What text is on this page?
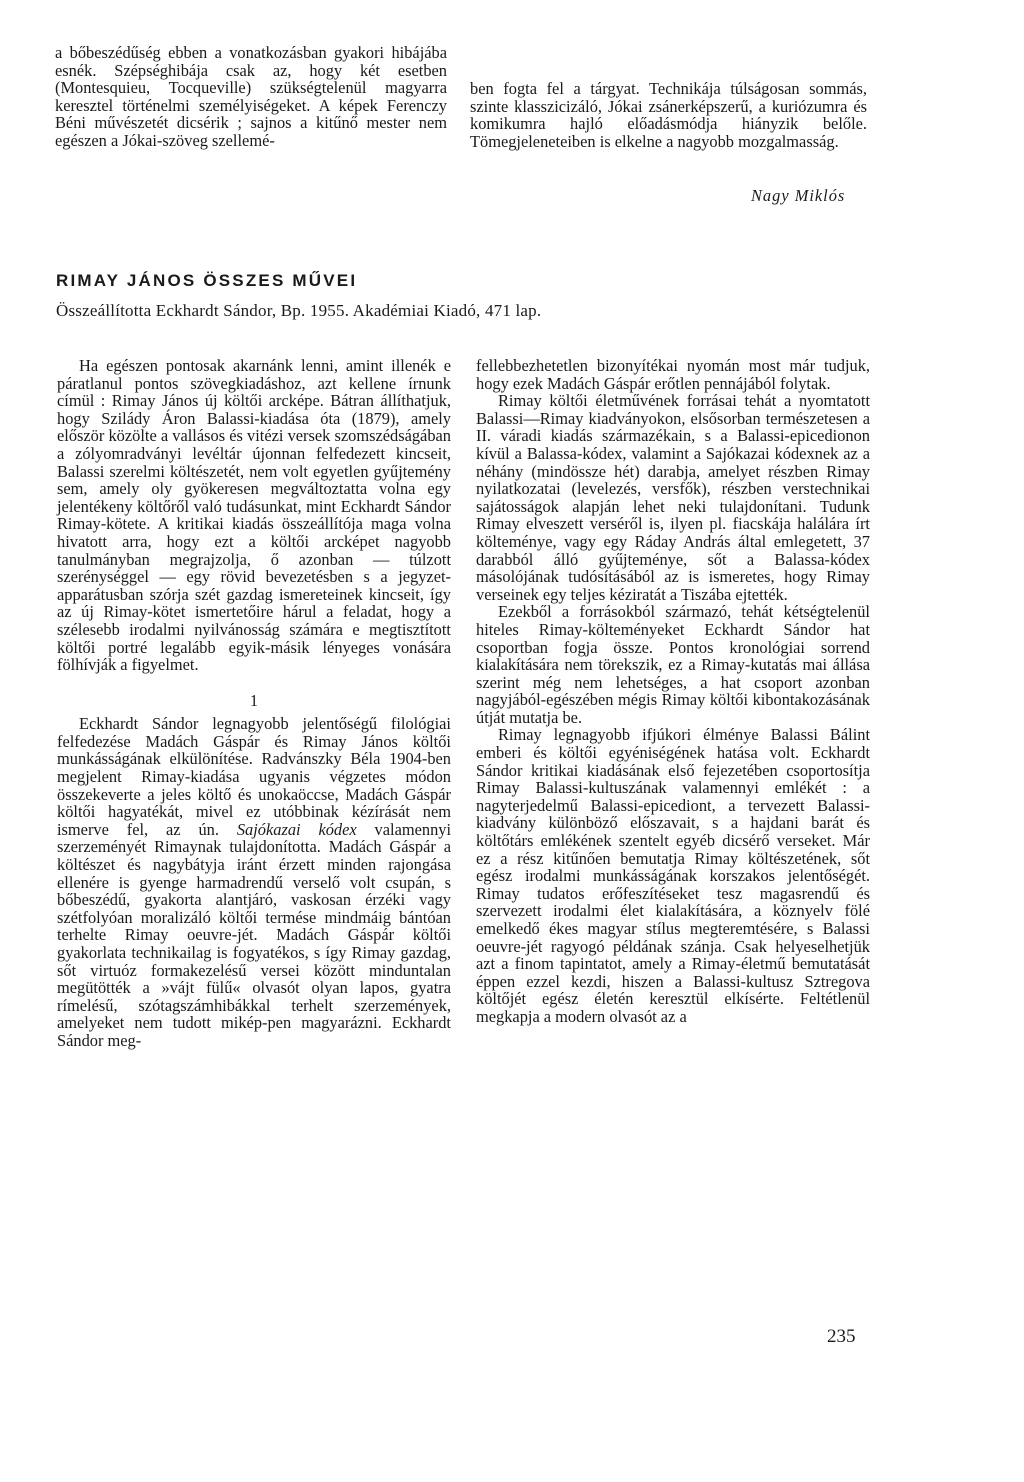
a bőbeszédűség ebben a vonatkozásban gyakori hibájába esnék. Szépséghibája csak az, hogy két esetben (Montesquieu, Tocqueville) szükségtelenül magyarra keresztel történelmi személyiségeket. A képek Ferenczy Béni művészetét dicsérik ; sajnos a kitűnő mester nem egészen a Jókai-szöveg szellemé-

ben fogta fel a tárgyat. Technikája túlságosan sommás, szinte klasszicizáló, Jókai zsánerképszerű, a kuriózumra és komikumra hajló előadásmódja hiányzik belőle. Tömegjeleneteiben is elkelne a nagyobb mozgalmasság.

Nagy Miklós
RIMAY JÁNOS ÖSSZES MŰVEI
Összeállította Eckhardt Sándor, Bp. 1955. Akadémiai Kiadó, 471 lap.

Ha egészen pontosak akarnánk lenni, amint illenék e páratlanul pontos szövegkiadáshoz, azt kellene írnunk címül : Rimay János új költői arcképe. Bátran állíthatjuk, hogy Szilády Áron Balassi-kiadása óta (1879), amely először közölte a vallásos és vitézi versek szomszédságában a zólyomradványi levéltár újonnan felfedezett kincseit, Balassi szerelmi költészetét, nem volt egyetlen gyűjtemény sem, amely oly gyökeresen megváltoztatta volna egy jelentékeny költőről való tudásunkat, mint Eckhardt Sándor Rimay-kötete. A kritikai kiadás összeállítója maga volna hivatott arra, hogy ezt a költői arcképet nagyobb tanulmányban megrajzolja, ő azonban — túlzott szerénységgel — egy rövid bevezetésben s a jegyzet-apparátusban szórja szét gazdag ismereteinek kincseit, így az új Rimay-kötet ismertetőire hárul a feladat, hogy a szélesebb irodalmi nyilvánosság számára e megtisztított költői portré legalább egyik-másik lényeges vonására fölhívják a figyelmet.

1

Eckhardt Sándor legnagyobb jelentőségű filológiai felfedezése Madách Gáspár és Rimay János költői munkásságának elkülönítése. Radvánszky Béla 1904-ben megjelent Rimay-kiadása ugyanis végzetes módon összekeverte a jeles költő és unokaöccse, Madách Gáspár költői hagyatékát, mivel ez utóbbinak kézírását nem ismerve fel, az ún. Sajókazai kódex valamennyi szerzeményét Rimaynak tulajdonította. Madách Gáspár a költészet és nagybátyja iránt érzett minden rajongása ellenére is gyenge harmadrendű verselő volt csupán, s bőbeszédű, gyakorta alantjáró, vaskosan érzéki vagy szétfolyóan moralizáló költői termése mindmáig bántóan terhelte Rimay oeuvre-jét. Madách Gáspár költői gyakorlata technikailag is fogyatékos, s így Rimay gazdag, sőt virtuóz formakezelésű versei között minduntalan megütötték a »vájt fülű« olvasót olyan lapos, gyatra rímelésű, szótagszámhibákkal terhelt szerzemények, amelyeket nem tudott mikép-pen magyarázni. Eckhardt Sándor meg-

fellebbezhetetlen bizonyítékai nyomán most már tudjuk, hogy ezek Madách Gáspár erőtlen pennájából folytak.

Rimay költői életművének forrásai tehát a nyomtatott Balassi—Rimay kiadványokon, elsősorban természetesen a II. váradi kiadás származékain, s a Balassi-epicedionon kívül a Balassa-kódex, valamint a Sajókazai kódexnek az a néhány (mindössze hét) darabja, amelyet részben Rimay nyilatkozatai (levelezés, versfők), részben verstechnikai sajátosságok alapján lehet neki tulajdonítani. Tudunk Rimay elveszett verséről is, ilyen pl. fiacskája halálára írt költeménye, vagy egy Ráday András által emlegetett, 37 darabból álló gyűjteménye, sőt a Balassa-kódex másolójának tudósításából az is ismeretes, hogy Rimay verseinek egy teljes kéziratát a Tiszába ejtették.

Ezekből a forrásokból származó, tehát kétségtelenül hiteles Rimay-költeményeket Eckhardt Sándor hat csoportban fogja össze. Pontos kronológiai sorrend kialakítására nem törekszik, ez a Rimay-kutatás mai állása szerint még nem lehetséges, a hat csoport azonban nagyjából-egészében mégis Rimay költői kibontakozásának útját mutatja be.

Rimay legnagyobb ifjúkori élménye Balassi Bálint emberi és költői egyéniségének hatása volt. Eckhardt Sándor kritikai kiadásának első fejezetében csoportosítja Rimay Balassi-kultuszának valamennyi emlékét : a nagyterjedelmű Balassi-epicediont, a tervezett Balassi-kiadvány különböző előszavait, s a hajdani barát és költőtárs emlékének szentelt egyéb dicsérő verseket. Már ez a rész kitűnően bemutatja Rimay költészetének, sőt egész irodalmi munkásságának korszakos jelentőségét. Rimay tudatos erőfeszítéseket tesz magasrendű és szervezett irodalmi élet kialakítására, a köznyelv fölé emelkedő ékes magyar stílus megteremtésére, s Balassi oeuvre-jét ragyogó példának szánja. Csak helyeselhetjük azt a finom tapintatot, amely a Rimay-életmű bemutatását éppen ezzel kezdi, hiszen a Balassi-kultusz Sztregova költőjét egész életén keresztül elkísérte. Feltétlenül megkapja a modern olvasót az a

235
